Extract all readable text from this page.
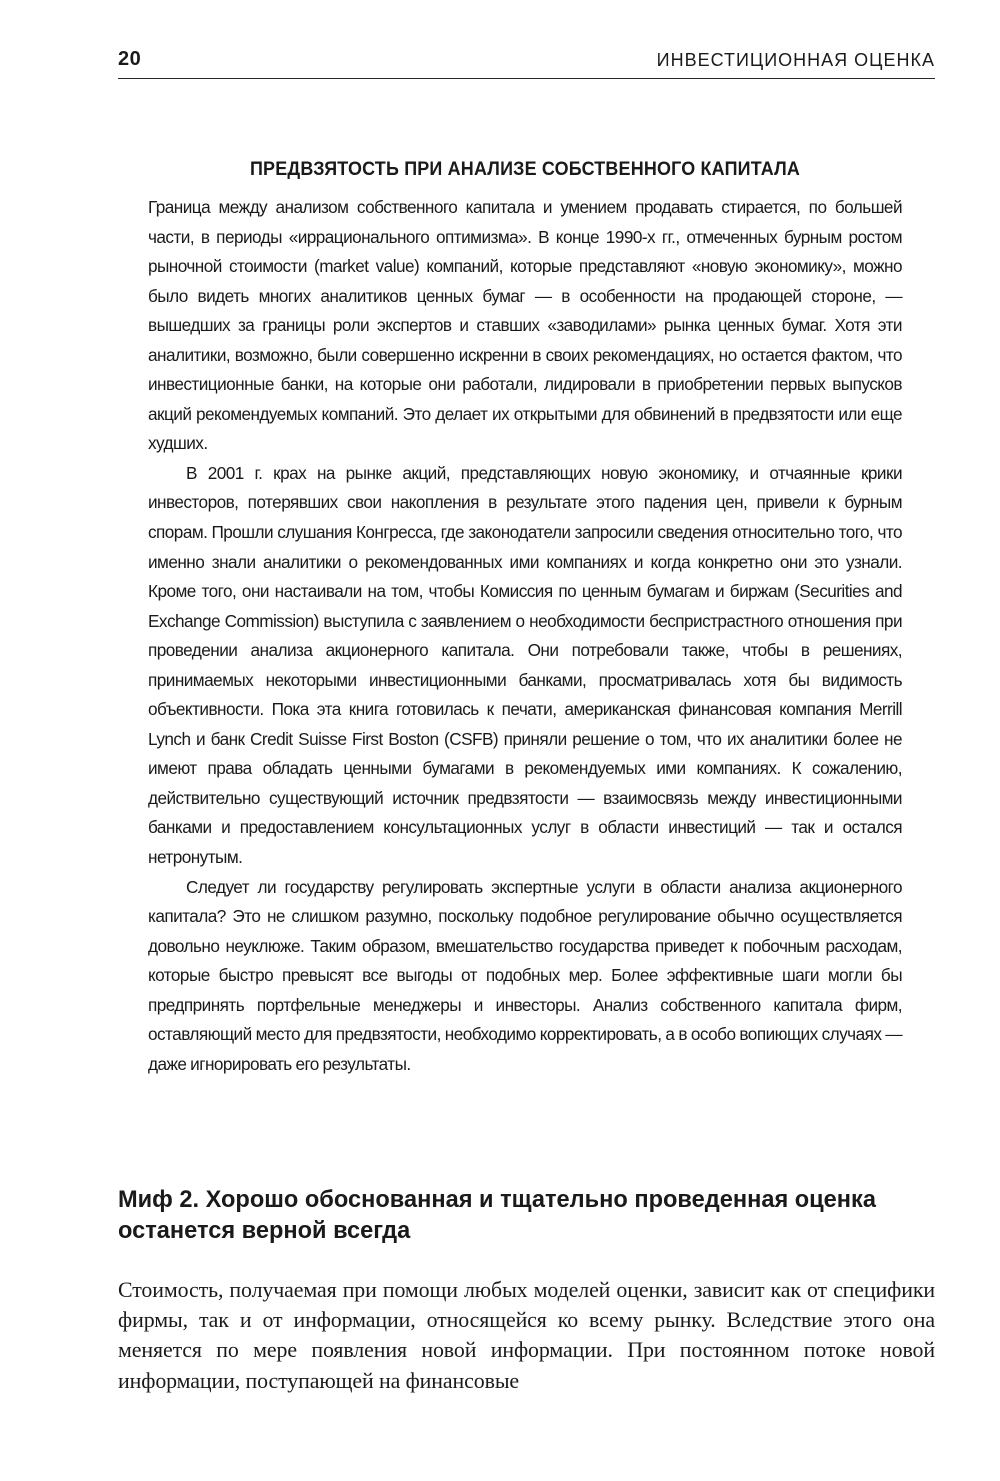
20	ИНВЕСТИЦИОННАЯ ОЦЕНКА
ПРЕДВЗЯТОСТЬ ПРИ АНАЛИЗЕ СОБСТВЕННОГО КАПИТАЛА

Граница между анализом собственного капитала и умением продавать стирается, по большей части, в периоды «иррационального оптимизма». В конце 1990-х гг., отмеченных бурным ростом рыночной стоимости (market value) компаний, которые представляют «новую экономику», можно было видеть многих аналитиков ценных бумаг — в особенности на продающей стороне, — вышедших за границы роли экспертов и ставших «заводилами» рынка ценных бумаг. Хотя эти аналитики, возможно, были совершенно искренни в своих рекомендациях, но остается фактом, что инвестиционные банки, на которые они работали, лидировали в приобретении первых выпусков акций рекомендуемых компаний. Это делает их открытыми для обвинений в предвзятости или еще худших.

В 2001 г. крах на рынке акций, представляющих новую экономику, и отчаянные крики инвесторов, потерявших свои накопления в результате этого падения цен, привели к бурным спорам. Прошли слушания Конгресса, где законодатели запросили сведения относительно того, что именно знали аналитики о рекомендованных ими компаниях и когда конкретно они это узнали. Кроме того, они настаивали на том, чтобы Комиссия по ценным бумагам и биржам (Securities and Exchange Commission) выступила с заявлением о необходимости беспристрастного отношения при проведении анализа акционерного капитала. Они потребовали также, чтобы в решениях, принимаемых некоторыми инвестиционными банками, просматривалась хотя бы видимость объективности. Пока эта книга готовилась к печати, американская финансовая компания Merrill Lynch и банк Credit Suisse First Boston (CSFB) приняли решение о том, что их аналитики более не имеют права обладать ценными бумагами в рекомендуемых ими компаниях. К сожалению, действительно существующий источник предвзятости — взаимосвязь между инвестиционными банками и предоставлением консультационных услуг в области инвестиций — так и остался нетронутым.

Следует ли государству регулировать экспертные услуги в области анализа акционерного капитала? Это не слишком разумно, поскольку подобное регулирование обычно осуществляется довольно неуклюже. Таким образом, вмешательство государства приведет к побочным расходам, которые быстро превысят все выгоды от подобных мер. Более эффективные шаги могли бы предпринять портфельные менеджеры и инвесторы. Анализ собственного капитала фирм, оставляющий место для предвзятости, необходимо корректировать, а в особо вопиющих случаях — даже игнорировать его результаты.

Миф 2. Хорошо обоснованная и тщательно проведенная оценка останется верной всегда

Стоимость, получаемая при помощи любых моделей оценки, зависит как от специфики фирмы, так и от информации, относящейся ко всему рынку. Вследствие этого она меняется по мере появления новой информации. При постоянном потоке новой информации, поступающей на финансовые
